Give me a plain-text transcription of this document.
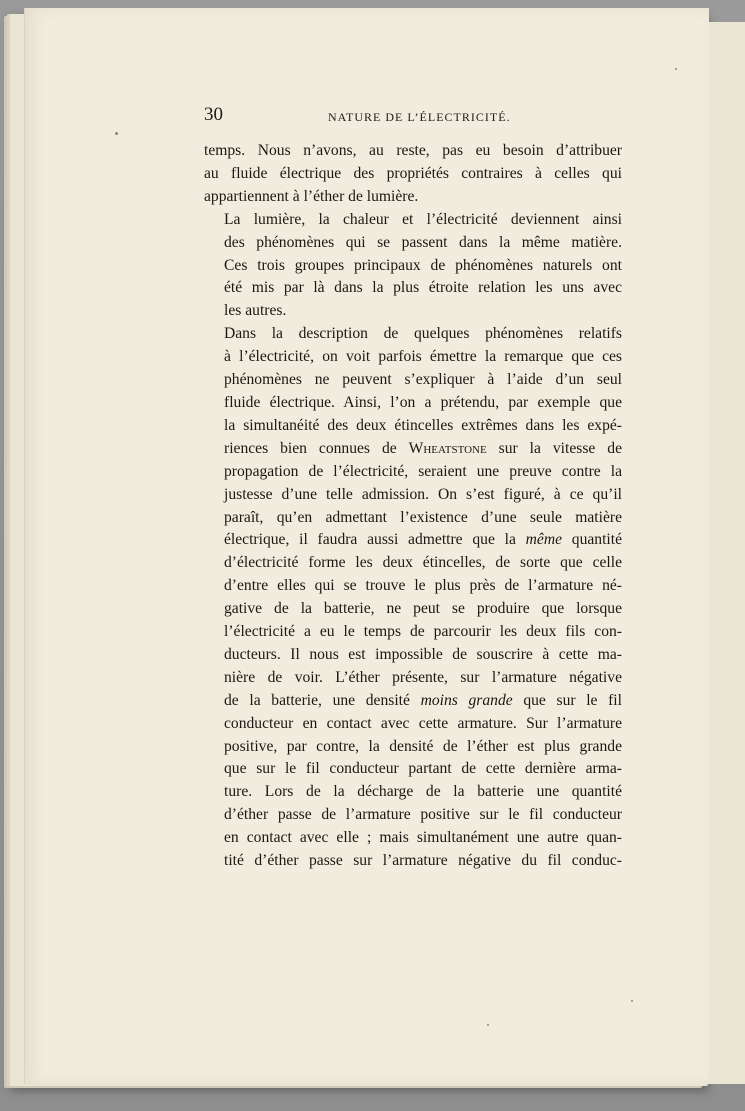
30	NATURE DE L’ÉLECTRICITÉ.

temps. Nous n’avons, au reste, pas eu besoin d’attribuer
au fluide électrique des propriétés contraires à celles qui
appartiennent à l’éther de lumière.

La lumière, la chaleur et l’électricité deviennent ainsi
des phénomènes qui se passent dans la même matière.
Ces trois groupes principaux de phénomènes naturels ont
été mis par là dans la plus étroite relation les uns avec
les autres.

Dans la description de quelques phénomènes relatifs
à l’électricité, on voit parfois émettre la remarque que ces
phénomènes ne peuvent s’expliquer à l’aide d’un seul
fluide électrique. Ainsi, l’on a prétendu, par exemple que
la simultanéité des deux étincelles extrêmes dans les expé-
riences bien connues de Wheatstone sur la vitesse de
propagation de l’électricité, seraient une preuve contre la
justesse d’une telle admission. On s’est figuré, à ce qu’il
paraît, qu’en admettant l’existence d’une seule matière
électrique, il faudra aussi admettre que la même quantité
d’électricité forme les deux étincelles, de sorte que celle
d’entre elles qui se trouve le plus près de l’armature né-
gative de la batterie, ne peut se produire que lorsque
l’électricité a eu le temps de parcourir les deux fils con-
ducteurs. Il nous est impossible de souscrire à cette ma-
nière de voir. L’éther présente, sur l’armature négative
de la batterie, une densité moins grande que sur le fil
conducteur en contact avec cette armature. Sur l’armature
positive, par contre, la densité de l’éther est plus grande
que sur le fil conducteur partant de cette dernière arma-
ture. Lors de la décharge de la batterie une quantité
d’éther passe de l’armature positive sur le fil conducteur
en contact avec elle ; mais simultanément une autre quan-
tité d’éther passe sur l’armature négative du fil conduc-
